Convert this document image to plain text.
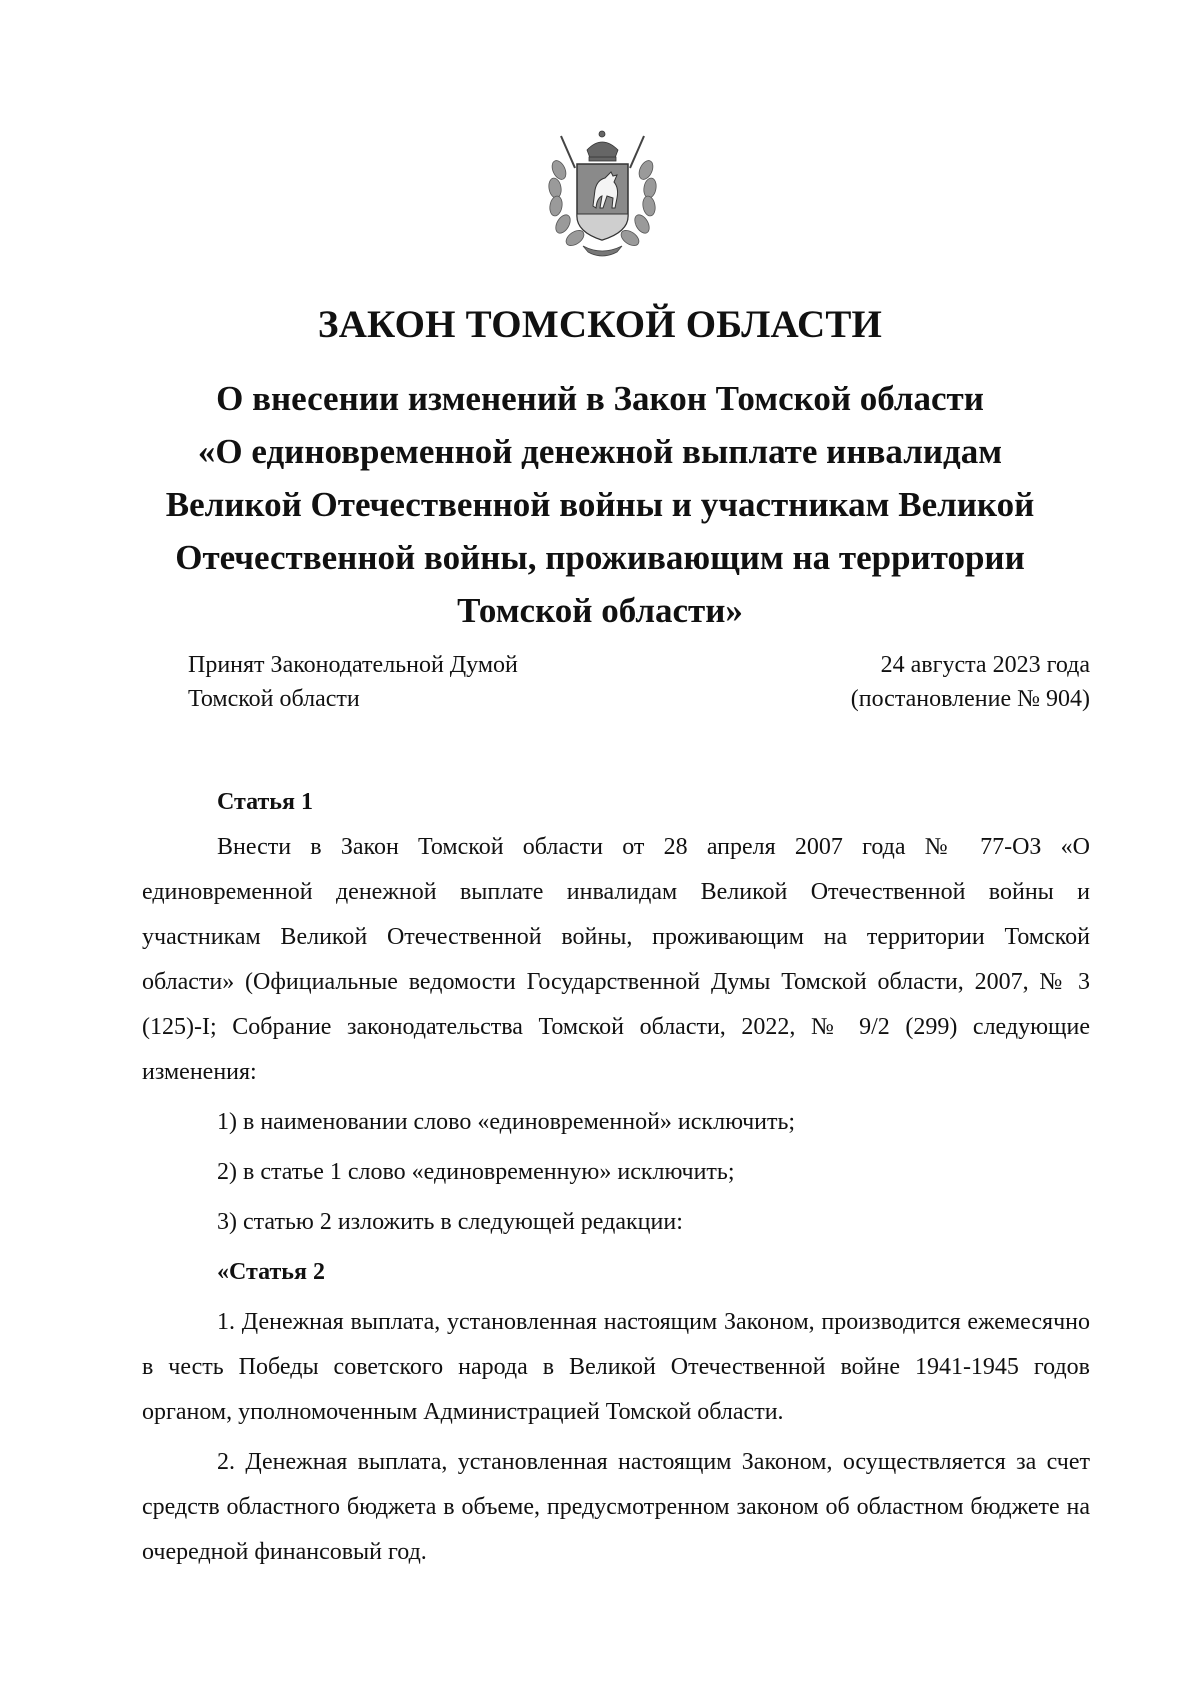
ЗАКОН ТОМСКОЙ ОБЛАСТИ
О внесении изменений в Закон Томской области
«О единовременной денежной выплате инвалидам
Великой Отечественной войны и участникам Великой
Отечественной войны, проживающим на территории
Томской области»
Принят Законодательной Думой
Томской области
24 августа 2023 года
(постановление № 904)

Статья 1

Внести в Закон Томской области от 28 апреля 2007 года № 77-ОЗ «О единовременной денежной выплате инвалидам Великой Отечественной войны и участникам Великой Отечественной войны, проживающим на территории Томской области» (Официальные ведомости Государственной Думы Томской области, 2007, № 3 (125)-I; Собрание законодательства Томской области, 2022, № 9/2 (299) следующие изменения:

1) в наименовании слово «единовременной» исключить;

2) в статье 1 слово «единовременную» исключить;

3) статью 2 изложить в следующей редакции:

«Статья 2

1. Денежная выплата, установленная настоящим Законом, производится ежемесячно в честь Победы советского народа в Великой Отечественной войне 1941-1945 годов органом, уполномоченным Администрацией Томской области.

2. Денежная выплата, установленная настоящим Законом, осуществляется за счет средств областного бюджета в объеме, предусмотренном законом об областном бюджете на очередной финансовый год.
